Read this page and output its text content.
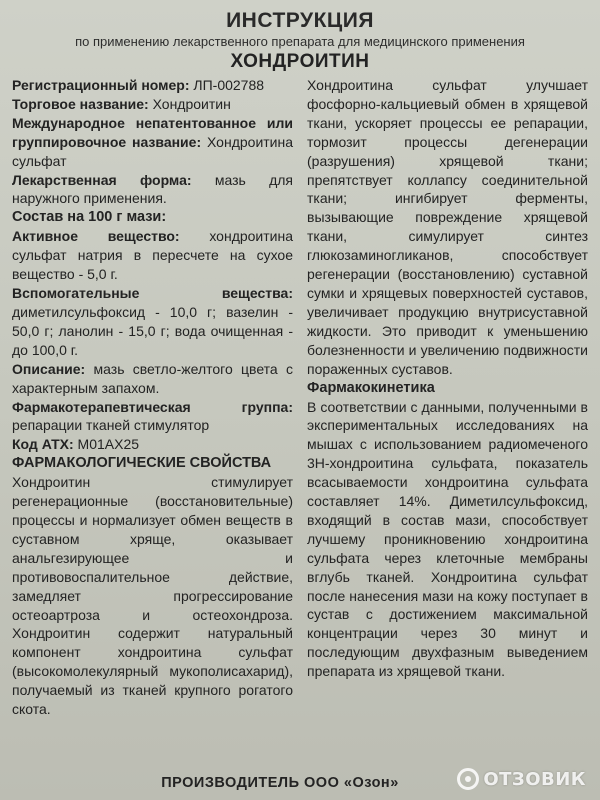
ИНСТРУКЦИЯ
по применению лекарственного препарата для медицинского применения
ХОНДРОИТИН

Регистрационный номер: ЛП-002788

Торговое название: Хондроитин

Международное непатентованное или группировочное название: Хондроитина сульфат

Лекарственная форма: мазь для наружного применения.

Состав на 100 г мази:

Активное вещество: хондроитина сульфат натрия в пересчете на сухое вещество - 5,0 г.

Вспомогательные вещества: диметилсульфоксид - 10,0 г; вазелин - 50,0 г; ланолин - 15,0 г; вода очищенная - до 100,0 г.

Описание: мазь светло-желтого цвета с характерным запахом.

Фармакотерапевтическая группа: репарации тканей стимулятор

Код АТХ: M01AX25

ФАРМАКОЛОГИЧЕСКИЕ СВОЙСТВА

Хондроитин стимулирует регенерационные (восстановительные) процессы и нормализует обмен веществ в суставном хряще, оказывает анальгезирующее и противовоспалительное действие, замедляет прогрессирование остеоартроза и остеохондроза. Хондроитин содержит натуральный компонент хондроитина сульфат (высокомолекулярный мукополисахарид), получаемый из тканей крупного рогатого скота.

Хондроитина сульфат улучшает фосфорно-кальциевый обмен в хрящевой ткани, ускоряет процессы ее репарации, тормозит процессы дегенерации (разрушения) хрящевой ткани; препятствует коллапсу соединительной ткани; ингибирует ферменты, вызывающие повреждение хрящевой ткани, симулирует синтез глюкозаминогликанов, способствует регенерации (восстановлению) суставной сумки и хрящевых поверхностей суставов, увеличивает продукцию внутрисуставной жидкости. Это приводит к уменьшению болезненности и увеличению подвижности пораженных суставов.

Фармакокинетика

В соответствии с данными, полученными в экспериментальных исследованиях на мышах с использованием радиомеченого 3Н-хондроитина сульфата, показатель всасываемости хондроитина сульфата составляет 14%. Диметилсульфоксид, входящий в состав мази, способствует лучшему проникновению хондроитина сульфата через клеточные мембраны вглубь тканей. Хондроитина сульфат после нанесения мази на кожу поступает в сустав с достижением максимальной концентрации через 30 минут и последующим двухфазным выведением препарата из хрящевой ткани.

ПРОИЗВОДИТЕЛЬ ООО «Озон»	ОТЗОВИК
